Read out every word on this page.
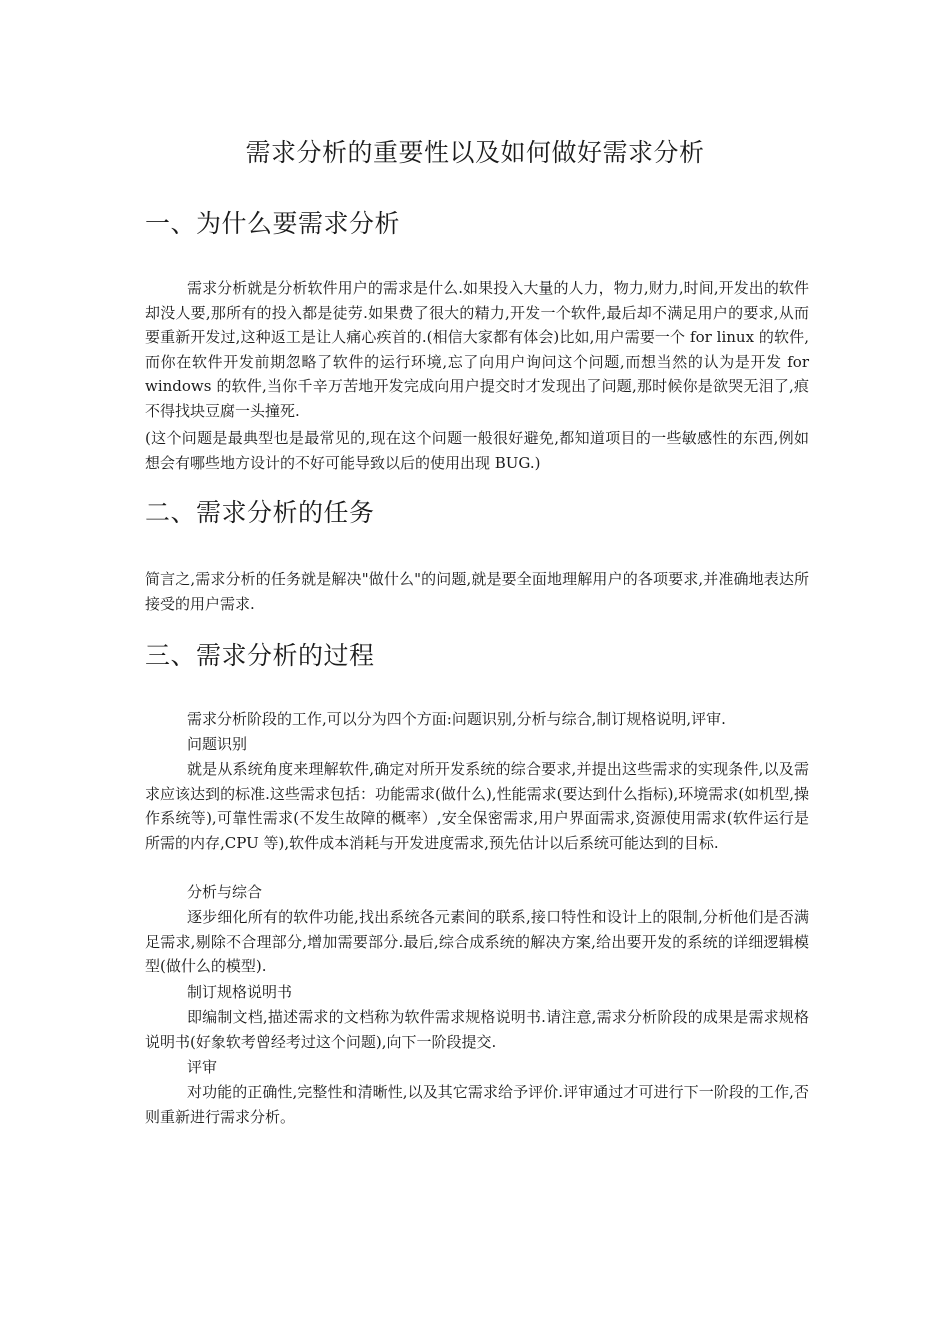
需求分析的重要性以及如何做好需求分析
一、为什么要需求分析

需求分析就是分析软件用户的需求是什么.如果投入大量的人力，物力,财力,时间,开发出的软件却没人要,那所有的投入都是徒劳.如果费了很大的精力,开发一个软件,最后却不满足用户的要求,从而要重新开发过,这种返工是让人痛心疾首的.(相信大家都有体会)比如,用户需要一个 for linux 的软件,而你在软件开发前期忽略了软件的运行环境,忘了向用户询问这个问题,而想当然的认为是开发 for windows 的软件,当你千辛万苦地开发完成向用户提交时才发现出了问题,那时候你是欲哭无泪了,痕不得找块豆腐一头撞死.

(这个问题是最典型也是最常见的,现在这个问题一般很好避免,都知道项目的一些敏感性的东西,例如想会有哪些地方设计的不好可能导致以后的使用出现 BUG.)

二、需求分析的任务

简言之,需求分析的任务就是解决"做什么"的问题,就是要全面地理解用户的各项要求,并准确地表达所接受的用户需求.

三、需求分析的过程

需求分析阶段的工作,可以分为四个方面:问题识别,分析与综合,制订规格说明,评审.

问题识别

就是从系统角度来理解软件,确定对所开发系统的综合要求,并提出这些需求的实现条件,以及需求应该达到的标准.这些需求包括：功能需求(做什么),性能需求(要达到什么指标),环境需求(如机型,操作系统等),可靠性需求(不发生故障的概率）,安全保密需求,用户界面需求,资源使用需求(软件运行是所需的内存,CPU 等),软件成本消耗与开发进度需求,预先估计以后系统可能达到的目标.

分析与综合

逐步细化所有的软件功能,找出系统各元素间的联系,接口特性和设计上的限制,分析他们是否满足需求,剔除不合理部分,增加需要部分.最后,综合成系统的解决方案,给出要开发的系统的详细逻辑模型(做什么的模型).

制订规格说明书

即编制文档,描述需求的文档称为软件需求规格说明书.请注意,需求分析阶段的成果是需求规格说明书(好象软考曾经考过这个问题),向下一阶段提交.

评审

对功能的正确性,完整性和清晰性,以及其它需求给予评价.评审通过才可进行下一阶段的工作,否则重新进行需求分析。
